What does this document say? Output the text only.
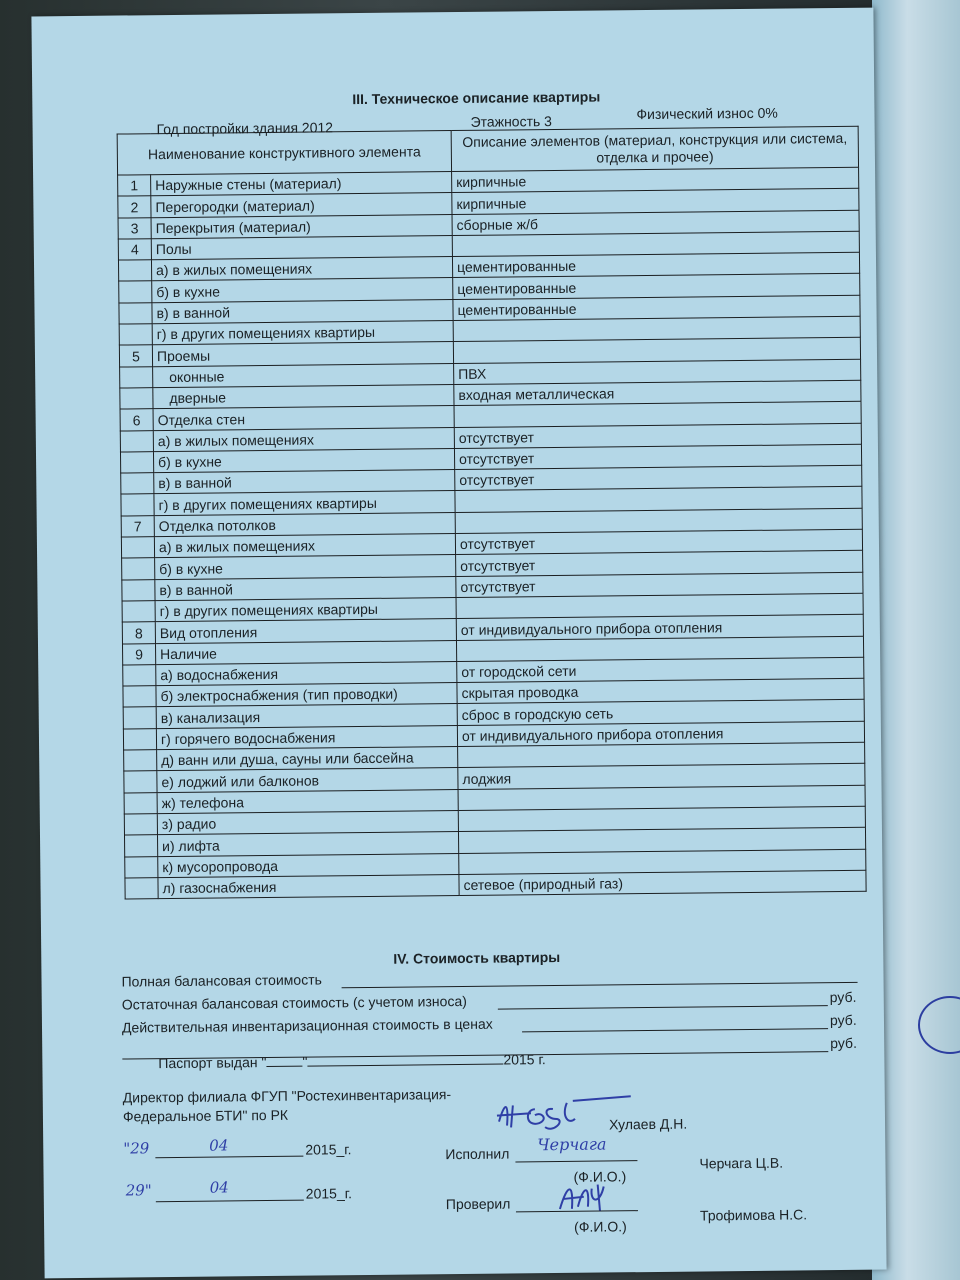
III. Техническое описание квартиры
Год постройки здания 2012	Этажность 3	Физический износ 0%
Наименование конструктивного элемента		Описание элементов (материал, конструкция или система, отделка и прочее)
1	Наружные стены (материал)	кирпичные
2	Перегородки (материал)	кирпичные
3	Перекрытия (материал)	сборные ж/б
4	Полы	
	а) в жилых помещениях	цементированные
	б) в кухне	цементированные
	в) в ванной	цементированные
	г) в других помещениях квартиры	
5	Проемы	
	оконные	ПВХ
	дверные	входная металлическая
6	Отделка стен	
	а) в жилых помещениях	отсутствует
	б) в кухне	отсутствует
	в) в ванной	отсутствует
	г) в других помещениях квартиры	
7	Отделка потолков	
	а) в жилых помещениях	отсутствует
	б) в кухне	отсутствует
	в) в ванной	отсутствует
	г) в других помещениях квартиры	
8	Вид отопления	от индивидуального прибора отопления
9	Наличие	
	а) водоснабжения	от городской сети
	б) электроснабжения (тип проводки)	скрытая проводка
	в) канализация	сброс в городскую сеть
	г) горячего водоснабжения	от индивидуального прибора отопления
	д) ванн или душа, сауны или бассейна	
	е) лоджий или балконов	лоджия
	ж) телефона	
	з) радио	
	и) лифта	
	к) мусоропровода	
	л) газоснабжения	сетевое (природный газ)
IV. Стоимость квартиры
Полная балансовая стоимость
Остаточная балансовая стоимость (с учетом износа)	руб.
Действительная инвентаризационная стоимость в ценах	руб.
руб.
Паспорт выдан "	"	2015 г.
Директор филиала ФГУП "Ростехинвентаризация-
Федеральное БТИ" по РК	Хулаев Д.Н.
"29	04	2015_г.	Исполнил Черчага
(Ф.И.О.)
Черчага Ц.В.
29"	04	2015_г.
Проверил
(Ф.И.О.)
Трофимова Н.С.
